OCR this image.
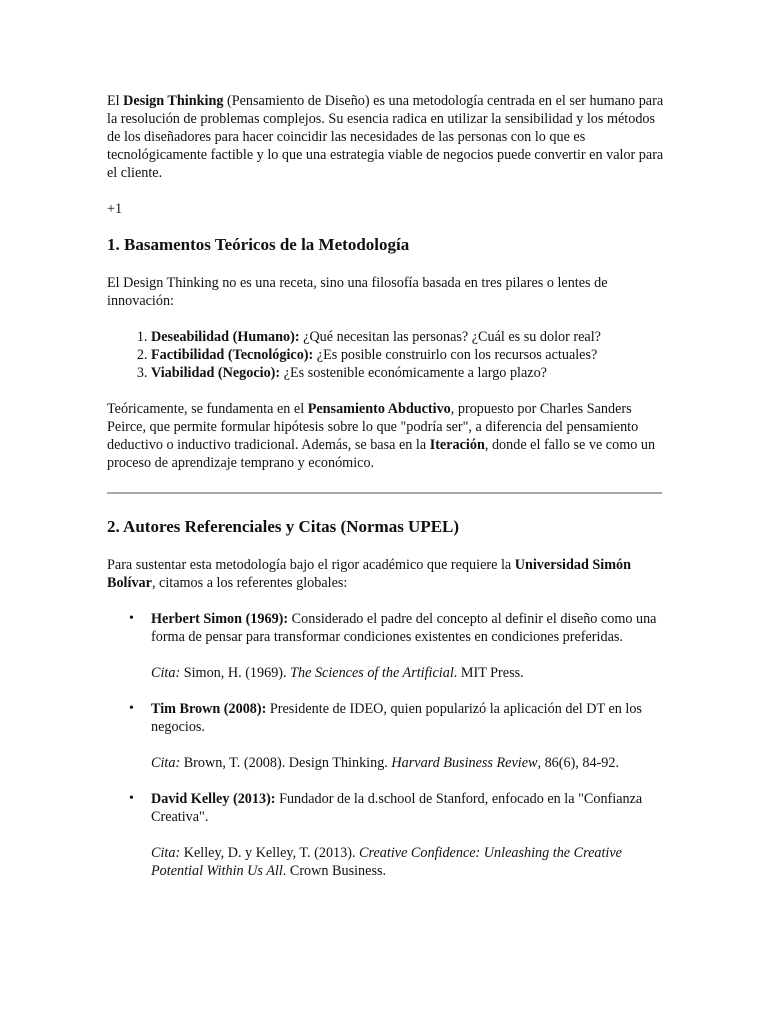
El Design Thinking (Pensamiento de Diseño) es una metodología centrada en el ser humano para la resolución de problemas complejos. Su esencia radica en utilizar la sensibilidad y los métodos de los diseñadores para hacer coincidir las necesidades de las personas con lo que es tecnológicamente factible y lo que una estrategia viable de negocios puede convertir en valor para el cliente.

+1

1. Basamentos Teóricos de la Metodología

El Design Thinking no es una receta, sino una filosofía basada en tres pilares o lentes de innovación:

1. Deseabilidad (Humano): ¿Qué necesitan las personas? ¿Cuál es su dolor real?
2. Factibilidad (Tecnológico): ¿Es posible construirlo con los recursos actuales?
3. Viabilidad (Negocio): ¿Es sostenible económicamente a largo plazo?

Teóricamente, se fundamenta en el Pensamiento Abductivo, propuesto por Charles Sanders Peirce, que permite formular hipótesis sobre lo que "podría ser", a diferencia del pensamiento deductivo o inductivo tradicional. Además, se basa en la Iteración, donde el fallo se ve como un proceso de aprendizaje temprano y económico.

2. Autores Referenciales y Citas (Normas UPEL)

Para sustentar esta metodología bajo el rigor académico que requiere la Universidad Simón Bolívar, citamos a los referentes globales:

• Herbert Simon (1969): Considerado el padre del concepto al definir el diseño como una forma de pensar para transformar condiciones existentes en condiciones preferidas.

Cita: Simon, H. (1969). The Sciences of the Artificial. MIT Press.

• Tim Brown (2008): Presidente de IDEO, quien popularizó la aplicación del DT en los negocios.

Cita: Brown, T. (2008). Design Thinking. Harvard Business Review, 86(6), 84-92.

• David Kelley (2013): Fundador de la d.school de Stanford, enfocado en la "Confianza Creativa".

Cita: Kelley, D. y Kelley, T. (2013). Creative Confidence: Unleashing the Creative Potential Within Us All. Crown Business.
